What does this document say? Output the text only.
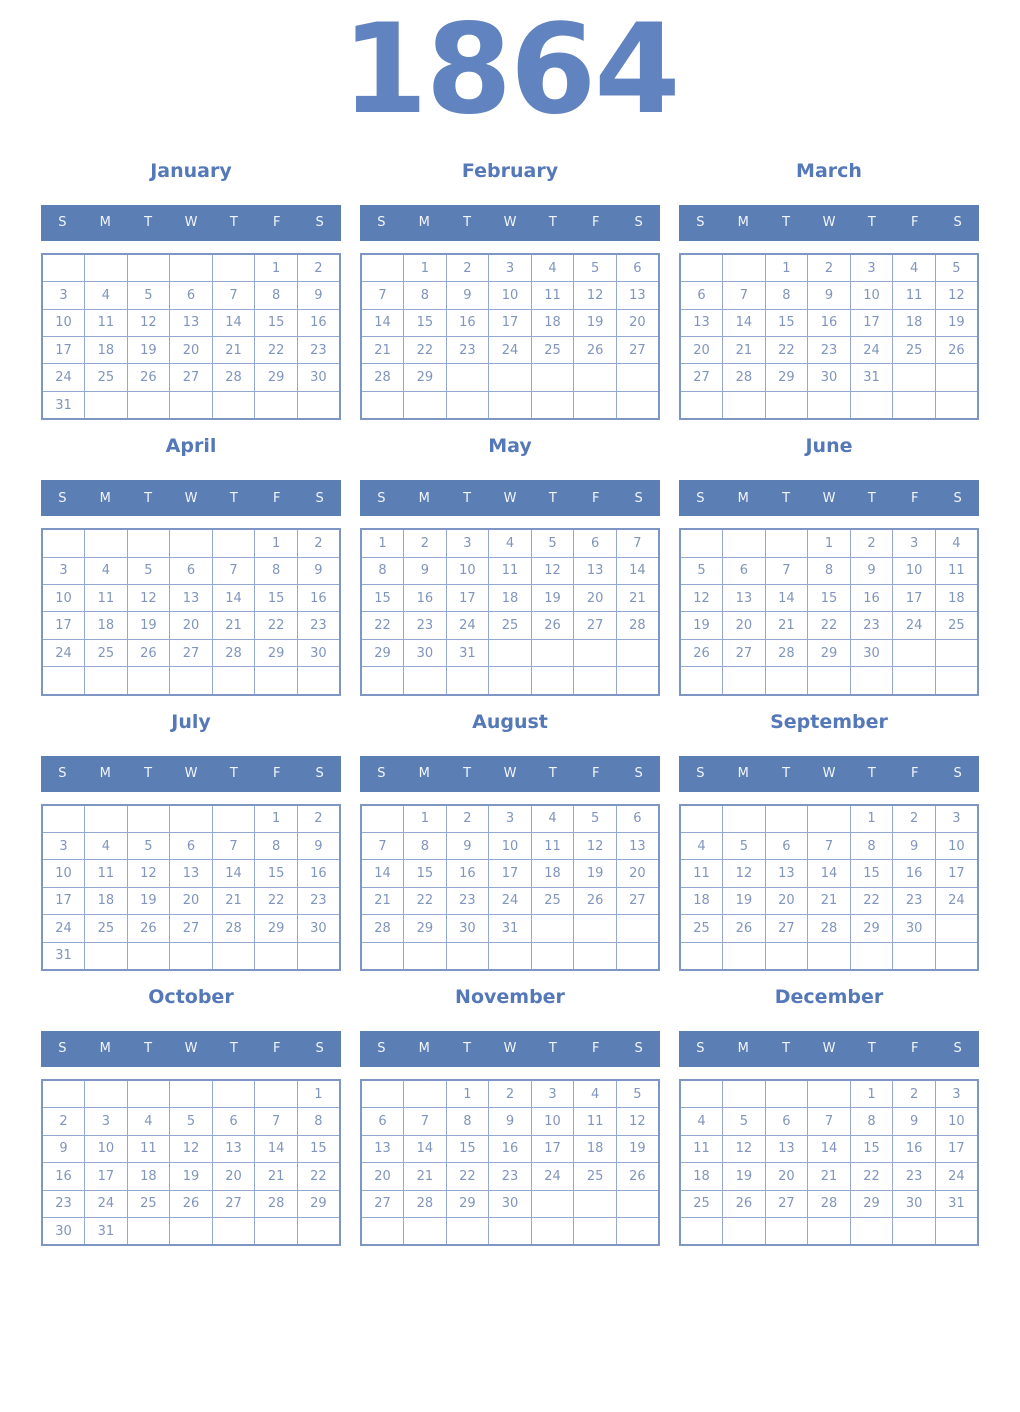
1864
January
S	M	T	W	T	F	S
					1	2
3	4	5	6	7	8	9
10	11	12	13	14	15	16
17	18	19	20	21	22	23
24	25	26	27	28	29	30
31						
February
S	M	T	W	T	F	S
	1	2	3	4	5	6
7	8	9	10	11	12	13
14	15	16	17	18	19	20
21	22	23	24	25	26	27
28	29					

March
S	M	T	W	T	F	S
		1	2	3	4	5
6	7	8	9	10	11	12
13	14	15	16	17	18	19
20	21	22	23	24	25	26
27	28	29	30	31		

April
S	M	T	W	T	F	S
					1	2
3	4	5	6	7	8	9
10	11	12	13	14	15	16
17	18	19	20	21	22	23
24	25	26	27	28	29	30

May
S	M	T	W	T	F	S
1	2	3	4	5	6	7
8	9	10	11	12	13	14
15	16	17	18	19	20	21
22	23	24	25	26	27	28
29	30	31				

June
S	M	T	W	T	F	S
			1	2	3	4
5	6	7	8	9	10	11
12	13	14	15	16	17	18
19	20	21	22	23	24	25
26	27	28	29	30		

July
S	M	T	W	T	F	S
					1	2
3	4	5	6	7	8	9
10	11	12	13	14	15	16
17	18	19	20	21	22	23
24	25	26	27	28	29	30
31						
August
S	M	T	W	T	F	S
	1	2	3	4	5	6
7	8	9	10	11	12	13
14	15	16	17	18	19	20
21	22	23	24	25	26	27
28	29	30	31			

September
S	M	T	W	T	F	S
				1	2	3
4	5	6	7	8	9	10
11	12	13	14	15	16	17
18	19	20	21	22	23	24
25	26	27	28	29	30	

October
S	M	T	W	T	F	S
						1
2	3	4	5	6	7	8
9	10	11	12	13	14	15
16	17	18	19	20	21	22
23	24	25	26	27	28	29
30	31					
November
S	M	T	W	T	F	S
		1	2	3	4	5
6	7	8	9	10	11	12
13	14	15	16	17	18	19
20	21	22	23	24	25	26
27	28	29	30			

December
S	M	T	W	T	F	S
				1	2	3
4	5	6	7	8	9	10
11	12	13	14	15	16	17
18	19	20	21	22	23	24
25	26	27	28	29	30	31
